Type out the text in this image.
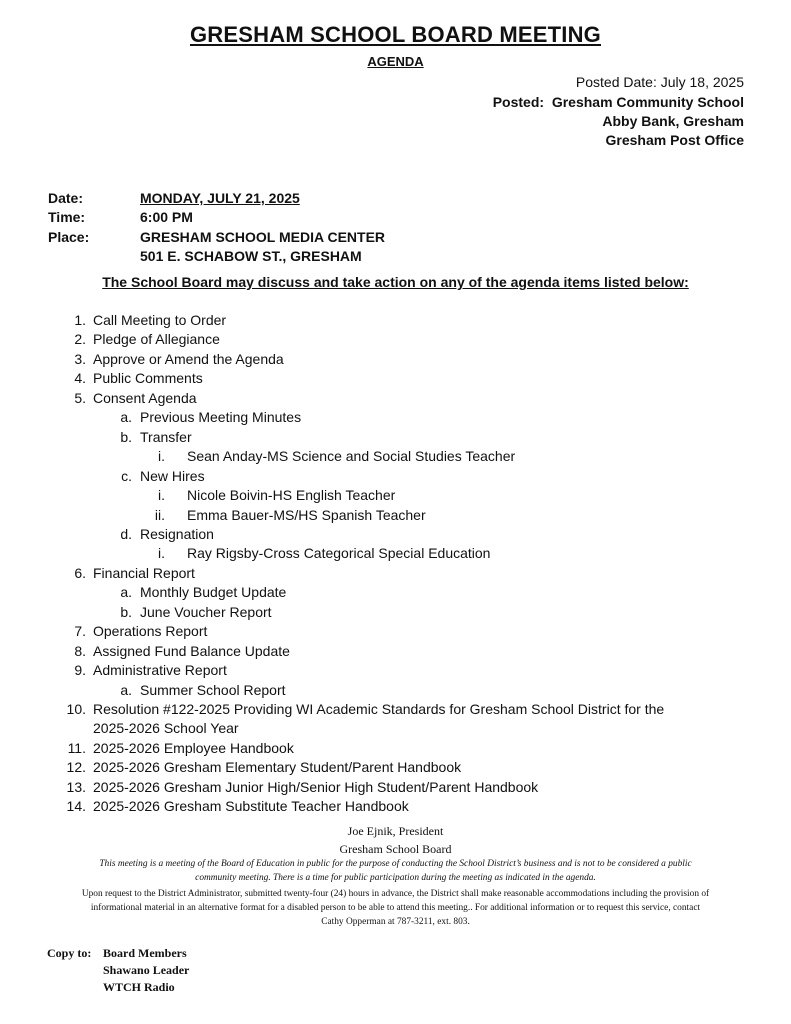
GRESHAM SCHOOL BOARD MEETING
AGENDA
Posted Date: July 18, 2025
Posted: Gresham Community School
Abby Bank, Gresham
Gresham Post Office
Date:	MONDAY, JULY 21, 2025
Time:	6:00 PM
Place:	GRESHAM SCHOOL MEDIA CENTER
501 E. SCHABOW ST., GRESHAM
The School Board may discuss and take action on any of the agenda items listed below:
1. Call Meeting to Order
2. Pledge of Allegiance
3. Approve or Amend the Agenda
4. Public Comments
5. Consent Agenda
a. Previous Meeting Minutes
b. Transfer
i. Sean Anday-MS Science and Social Studies Teacher
c. New Hires
i. Nicole Boivin-HS English Teacher
ii. Emma Bauer-MS/HS Spanish Teacher
d. Resignation
i. Ray Rigsby-Cross Categorical Special Education
6. Financial Report
a. Monthly Budget Update
b. June Voucher Report
7. Operations Report
8. Assigned Fund Balance Update
9. Administrative Report
a. Summer School Report
10. Resolution #122-2025 Providing WI Academic Standards for Gresham School District for the
2025-2026 School Year
11. 2025-2026 Employee Handbook
12. 2025-2026 Gresham Elementary Student/Parent Handbook
13. 2025-2026 Gresham Junior High/Senior High Student/Parent Handbook
14. 2025-2026 Gresham Substitute Teacher Handbook
Joe Ejnik, President
Gresham School Board
This meeting is a meeting of the Board of Education in public for the purpose of conducting the School District’s business and is not to be considered a public
community meeting. There is a time for public participation during the meeting as indicated in the agenda.
Upon request to the District Administrator, submitted twenty-four (24) hours in advance, the District shall make reasonable accommodations including the provision of
informational material in an alternative format for a disabled person to be able to attend this meeting.. For additional information or to request this service, contact
Cathy Opperman at 787-3211, ext. 803.
Copy to: Board Members
Shawano Leader
WTCH Radio
